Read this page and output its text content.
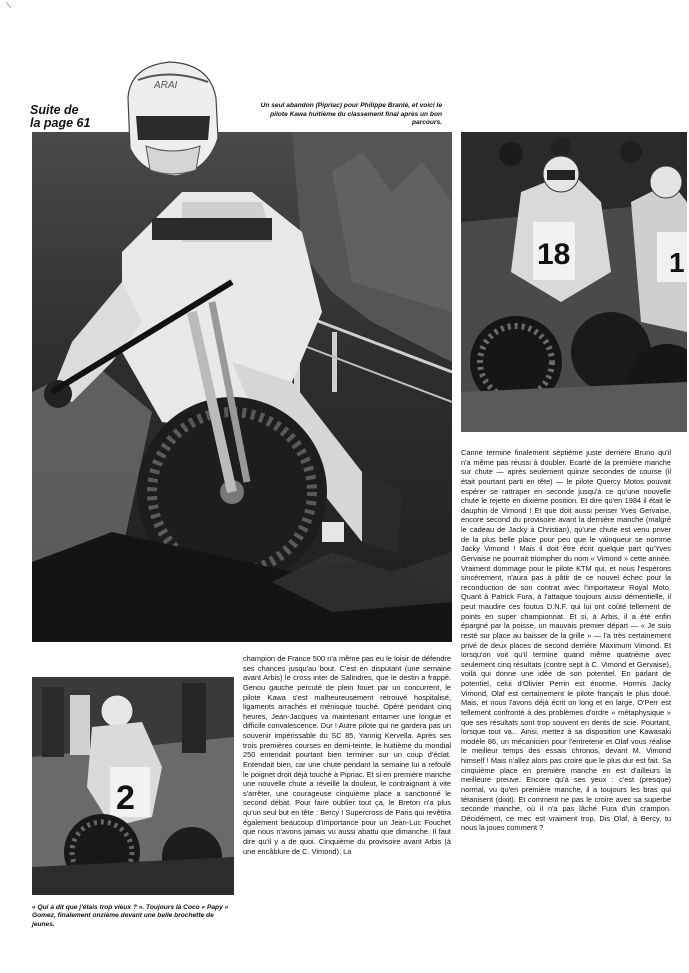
Suite de
la page 61
Un seul abandon (Pipriac) pour Philippe Branlé, et voici le pilote Kawa huitième du classement final après un bon parcours.
ARAI
18	1
2
« Qui a dit que j'étais trop vieux ? ». Toujours là Coco « Papy » Gomez, finalement onzième devant une belle brochette de jeunes.
champion de France 500 n'a même pas eu le loisir de défendre ses chances jusqu'au bout. C'est en disputant (une semaine avant Arbis) le cross inter de Salindres, que le destin a frappé. Genou gauche percuté de plein fouet par un concurrent, le pilote Kawa s'est malheureusement retrouvé hospitalisé, ligaments arrachés et ménisque touché. Opéré pendant cinq heures, Jean-Jacques va maintenant entamer une longue et difficile convalescence. Dur ! Autre pilote qui ne gardera pas un souvenir impérissable du SC 85, Yannig Kervella. Après ses trois premières courses en demi-teinte, le huitième du mondial 250 entendait pourtant bien terminer sur un coup d'éclat. Entendait bien, car une chute pendant la semaine lui a refoulé le poignet droit déjà touché à Pipriac. Et si en première manche une nouvelle chute a réveillé la douleur, le contraignant à vite s'arrêter, une courageuse cinquième place a sanctionné le second débat. Pour faire oublier tout ça, le Breton n'a plus qu'un seul but en tête : Bercy ! Supercross de Paris qui revêtira également beaucoup d'importance pour un Jean-Luc Fouchet que nous n'avons jamais vu aussi abattu que dimanche. Il faut dire qu'il y a de quoi. Cinquième du provisoire avant Arbis (à une encâblure de C. Vimond), La
Canne termine finalement septième juste derrière Bruno qu'il n'a même pas réussi à doubler. Ecarté de la première manche sur chute — après seulement quinze secondes de course (il était pourtant parti en tête) — le pilote Quercy Motos pouvait espérer se rattraper en seconde jusqu'à ce qu'une nouvelle chute le rejette en dixième position. Et dire qu'en 1984 il était le dauphin de Vimond ! Et que doit aussi penser Yves Gervaise, encore second du provisoire avant la dernière manche (malgré le cadeau de Jacky à Christian), qu'une chute est venu priver de la plus belle place pour peu que le vainqueur se nomme Jacky Vimond ! Mais il doit être écrit quelque part qu'Yves Gervaise ne pourrait triompher du nom « Vimond » cette année. Vraiment dommage pour le pilote KTM qui, et nous l'espérons sincèrement, n'aura pas à pâtir de ce nouvel échec pour la reconduction de son contrat avec l'importateur Royal Moto. Quant à Patrick Fura, à l'attaque toujours aussi démentielle, il peut maudire ces foutus D.N.F. qui lui ont coûté tellement de points en super championnat. Et si, à Arbis, il a été enfin épargné par la poisse, un mauvais premier départ — « Je suis resté sur place au baisser de la grille » — l'a très certainement privé de deux places de second derrière Maximum Vimond. Et lorsqu'on voit qu'il termine quand même quatrième avec seulement cinq résultats (contre sept à C. Vimond et Gervaise), voilà qui donne une idée de son potentiel. En parlant de potentiel, celui d'Olivier Perrin est énorme. Hormis Jacky Vimond, Olaf est certainement le pilote français le plus doué. Mais, et nous l'avons déjà écrit on long et en large, O'Perr est tellement confronté à des problèmes d'ordre « métaphysique » que ses résultats sont trop souvent en dents de scie. Pourtant, lorsque tout va... Ainsi, mettez à sa disposition une Kawasaki modèle 86, un mécanicien pour l'entretenir et Olaf vous réalise le meilleur temps des essais chronos, devant M. Vimond himself ! Mais n'allez alors pas croire que le plus dur est fait. Sa cinquième place en première manche en est d'ailleurs la meilleure preuve. Encore qu'à ses yeux : c'est (presque) normal, vu qu'en première manche, il a toujours les bras qui tétanisent (dixit). Et comment ne pas le croire avec sa superbe seconde manche, où il n'a pas lâché Fura d'un crampon. Décidément, ce mec est vraiment trop. Dis Olaf, à Bercy, tu nous la joues comment ?
